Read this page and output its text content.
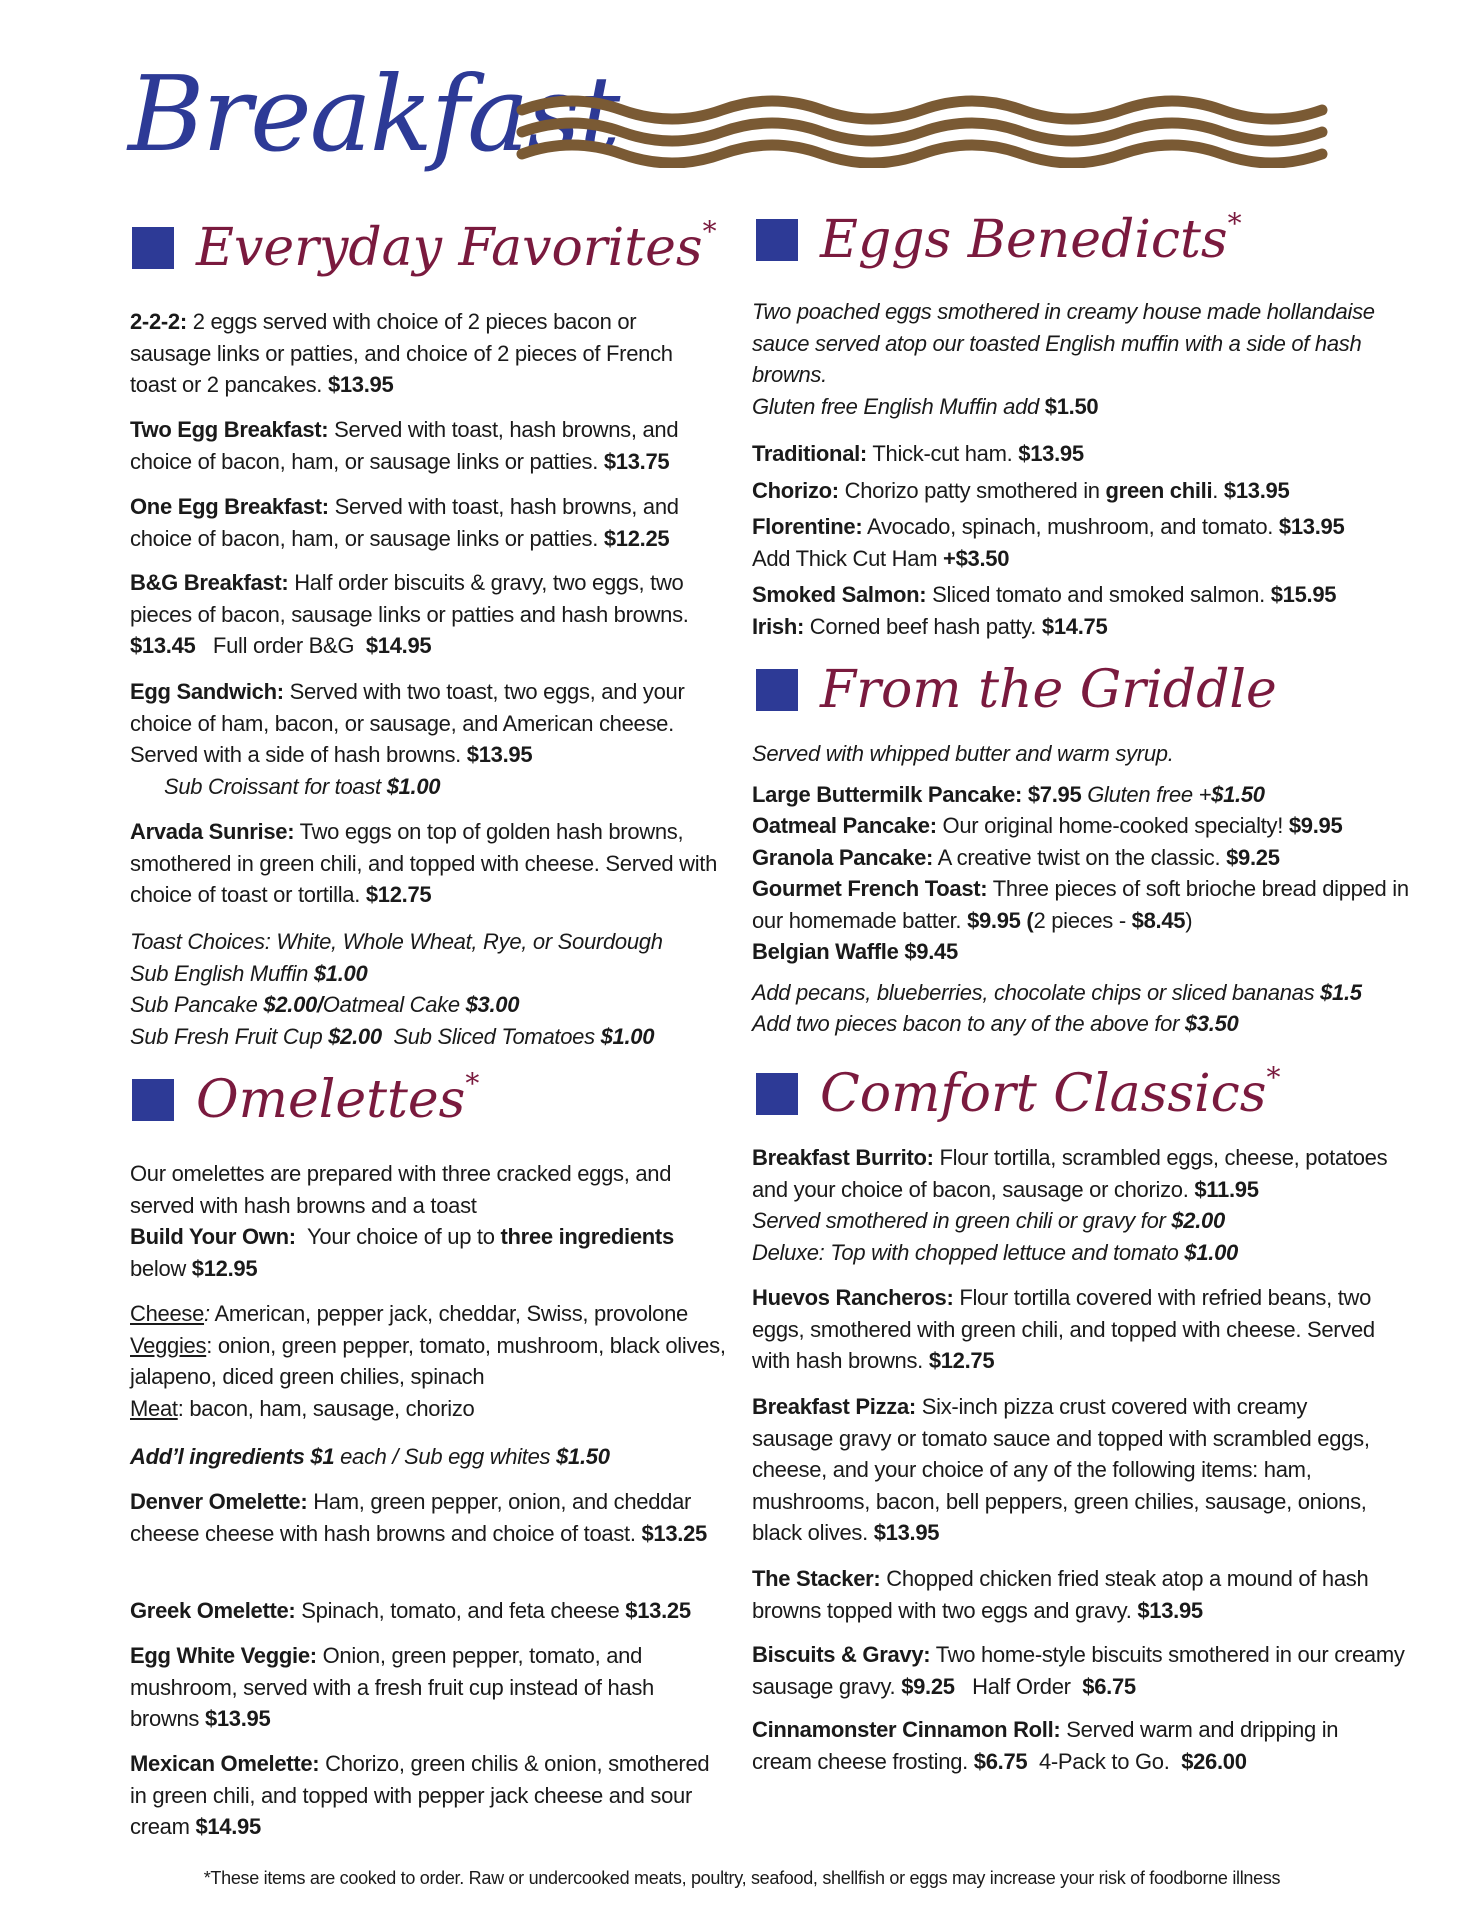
Breakfast
Everyday Favorites*

2-2-2: 2 eggs served with choice of 2 pieces bacon or sausage links or patties, and choice of 2 pieces of French toast or 2 pancakes. $13.95

Two Egg Breakfast: Served with toast, hash browns, and choice of bacon, ham, or sausage links or patties. $13.75

One Egg Breakfast: Served with toast, hash browns, and choice of bacon, ham, or sausage links or patties. $12.25

B&G Breakfast: Half order biscuits & gravy, two eggs, two pieces of bacon, sausage links or patties and hash browns. $13.45   Full order B&G  $14.95

Egg Sandwich: Served with two toast, two eggs, and your choice of ham, bacon, or sausage, and American cheese. Served with a side of hash browns. $13.95

Sub Croissant for toast $1.00

Arvada Sunrise: Two eggs on top of golden hash browns, smothered in green chili, and topped with cheese. Served with choice of toast or tortilla. $12.75

Toast Choices: White, Whole Wheat, Rye, or Sourdough

Sub English Muffin $1.00

Sub Pancake $2.00/Oatmeal Cake $3.00

Sub Fresh Fruit Cup $2.00  Sub Sliced Tomatoes $1.00

Omelettes*

Our omelettes are prepared with three cracked eggs, and served with hash browns and a toast

Build Your Own:  Your choice of up to three ingredients below $12.95

Cheese: American, pepper jack, cheddar, Swiss, provolone

Veggies: onion, green pepper, tomato, mushroom, black olives, jalapeno, diced green chilies, spinach

Meat: bacon, ham, sausage, chorizo

Add’l ingredients $1 each / Sub egg whites $1.50

Denver Omelette: Ham, green pepper, onion, and cheddar cheese cheese with hash browns and choice of toast. $13.25

Greek Omelette: Spinach, tomato, and feta cheese $13.25

Egg White Veggie: Onion, green pepper, tomato, and mushroom, served with a fresh fruit cup instead of hash browns $13.95

Mexican Omelette: Chorizo, green chilis & onion, smothered in green chili, and topped with pepper jack cheese and sour cream $14.95

Eggs Benedicts*

Two poached eggs smothered in creamy house made hollandaise sauce served atop our toasted English muffin with a side of hash browns.

Gluten free English Muffin add $1.50

Traditional: Thick-cut ham. $13.95

Chorizo: Chorizo patty smothered in green chili. $13.95

Florentine: Avocado, spinach, mushroom, and tomato. $13.95

Add Thick Cut Ham +$3.50

Smoked Salmon: Sliced tomato and smoked salmon. $15.95

Irish: Corned beef hash patty. $14.75

From the Griddle

Served with whipped butter and warm syrup.

Large Buttermilk Pancake: $7.95 Gluten free +$1.50

Oatmeal Pancake: Our original home-cooked specialty! $9.95

Granola Pancake: A creative twist on the classic. $9.25

Gourmet French Toast: Three pieces of soft brioche bread dipped in our homemade batter. $9.95 (2 pieces - $8.45)

Belgian Waffle $9.45

Add pecans, blueberries, chocolate chips or sliced bananas $1.5

Add two pieces bacon to any of the above for $3.50

Comfort Classics*

Breakfast Burrito: Flour tortilla, scrambled eggs, cheese, potatoes and your choice of bacon, sausage or chorizo. $11.95

Served smothered in green chili or gravy for $2.00

Deluxe: Top with chopped lettuce and tomato $1.00

Huevos Rancheros: Flour tortilla covered with refried beans, two eggs, smothered with green chili, and topped with cheese. Served with hash browns. $12.75

Breakfast Pizza: Six-inch pizza crust covered with creamy sausage gravy or tomato sauce and topped with scrambled eggs, cheese, and your choice of any of the following items: ham, mushrooms, bacon, bell peppers, green chilies, sausage, onions, black olives. $13.95

The Stacker: Chopped chicken fried steak atop a mound of hash browns topped with two eggs and gravy. $13.95

Biscuits & Gravy: Two home-style biscuits smothered in our creamy sausage gravy. $9.25   Half Order  $6.75

Cinnamonster Cinnamon Roll: Served warm and dripping in cream cheese frosting. $6.75  4-Pack to Go.  $26.00

*These items are cooked to order. Raw or undercooked meats, poultry, seafood, shellfish or eggs may increase your risk of foodborne illness
